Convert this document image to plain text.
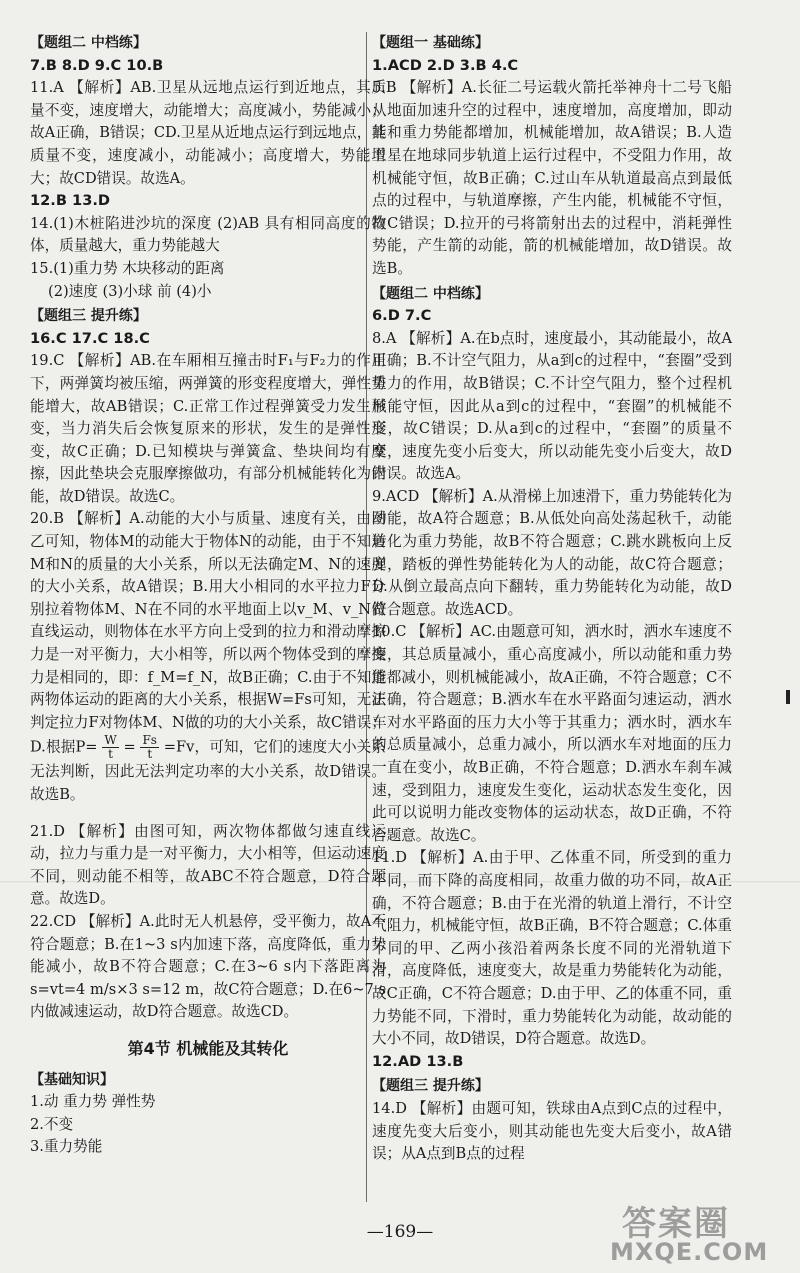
【题组二 中档练】

7.B 8.D 9.C 10.B

11.A 【解析】AB.卫星从远地点运行到近地点，其质量不变，速度增大，动能增大；高度减小，势能减小；故A正确，B错误；CD.卫星从近地点运行到远地点，其质量不变，速度减小，动能减小；高度增大，势能增大；故CD错误。故选A。

12.B 13.D

14.(1)木桩陷进沙坑的深度 (2)AB 具有相同高度的物体，质量越大，重力势能越大

15.(1)重力势 木块移动的距离

(2)速度 (3)小球 前 (4)小

【题组三 提升练】

16.C 17.C 18.C

19.C 【解析】AB.在车厢相互撞击时F₁与F₂力的作用下，两弹簧均被压缩，两弹簧的形变程度增大，弹性势能增大，故AB错误；C.正常工作过程弹簧受力发生形变，当力消失后会恢复原来的形状，发生的是弹性形变，故C正确；D.已知模块与弹簧盒、垫块间均有摩擦，因此垫块会克服摩擦做功，有部分机械能转化为内能，故D错误。故选C。

20.B 【解析】A.动能的大小与质量、速度有关，由图乙可知，物体M的动能大于物体N的动能，由于不知道M和N的质量的大小关系，所以无法确定M、N的速度的大小关系，故A错误；B.用大小相同的水平拉力F分别拉着物体M、N在不同的水平地面上以v_M、v_N做直线运动，则物体在水平方向上受到的拉力和滑动摩擦力是一对平衡力，大小相等，所以两个物体受到的摩擦力是相同的，即：f_M=f_N，故B正确；C.由于不知道两物体运动的距离的大小关系，根据W=Fs可知，无法判定拉力F对物体M、N做的功的大小关系，故C错误；D.根据$P= \frac{W}{t} = \frac{Fs}{t} =Fv$，可知，它们的速度大小关系无法判断，因此无法判定功率的大小关系，故D错误。故选B。

21.D 【解析】由图可知，两次物体都做匀速直线运动，拉力与重力是一对平衡力，大小相等，但运动速度不同，则动能不相等，故ABC不符合题意，D符合题意。故选D。

22.CD 【解析】A.此时无人机悬停，受平衡力，故A不符合题意；B.在1~3 s内加速下落，高度降低，重力势能减小，故B不符合题意；C.在3~6 s内下落距离为s=vt=4 m/s×3 s=12 m，故C符合题意；D.在6~7 s内做减速运动，故D符合题意。故选CD。

第4节 机械能及其转化
【基础知识】

1.动 重力势 弹性势

2.不变

3.重力势能

【题组一 基础练】

1.ACD 2.D 3.B 4.C

5.B 【解析】A.长征二号运载火箭托举神舟十二号飞船从地面加速升空的过程中，速度增加，高度增加，即动能和重力势能都增加，机械能增加，故A错误；B.人造卫星在地球同步轨道上运行过程中，不受阻力作用，故机械能守恒，故B正确；C.过山车从轨道最高点到最低点的过程中，与轨道摩擦，产生内能，机械能不守恒，故C错误；D.拉开的弓将箭射出去的过程中，消耗弹性势能，产生箭的动能，箭的机械能增加，故D错误。故选B。

【题组二 中档练】

6.D 7.C

8.A 【解析】A.在b点时，速度最小，其动能最小，故A正确；B.不计空气阻力，从a到c的过程中，“套圈”受到重力的作用，故B错误；C.不计空气阻力，整个过程机械能守恒，因此从a到c的过程中，“套圈”的机械能不变，故C错误；D.从a到c的过程中，“套圈”的质量不变，速度先变小后变大，所以动能先变小后变大，故D错误。故选A。

9.ACD 【解析】A.从滑梯上加速滑下，重力势能转化为动能，故A符合题意；B.从低处向高处荡起秋千，动能转化为重力势能，故B不符合题意；C.跳水跳板向上反弹，踏板的弹性势能转化为人的动能，故C符合题意；D.从倒立最高点向下翻转，重力势能转化为动能，故D符合题意。故选ACD。

10.C 【解析】AC.由题意可知，洒水时，洒水车速度不变，其总质量减小，重心高度减小，所以动能和重力势能都减小，则机械能减小，故A正确，不符合题意；C不正确，符合题意；B.洒水车在水平路面匀速运动，洒水车对水平路面的压力大小等于其重力；洒水时，洒水车的总质量减小，总重力减小，所以洒水车对地面的压力一直在变小，故B正确，不符合题意；D.洒水车刹车减速，受到阻力，速度发生变化，运动状态发生变化，因此可以说明力能改变物体的运动状态，故D正确，不符合题意。故选C。

11.D 【解析】A.由于甲、乙体重不同，所受到的重力不同，而下降的高度相同，故重力做的功不同，故A正确，不符合题意；B.由于在光滑的轨道上滑行，不计空气阻力，机械能守恒，故B正确，B不符合题意；C.体重不同的甲、乙两小孩沿着两条长度不同的光滑轨道下滑，高度降低，速度变大，故是重力势能转化为动能，故C正确，C不符合题意；D.由于甲、乙的体重不同，重力势能不同，下滑时，重力势能转化为动能，故动能的大小不同，故D错误，D符合题意。故选D。

12.AD 13.B

【题组三 提升练】

14.D 【解析】由题可知，铁球由A点到C点的过程中，速度先变大后变小，则其动能也先变大后变小，故A错误；从A点到B点的过程

—169—	答案圈
MXQE.COM
